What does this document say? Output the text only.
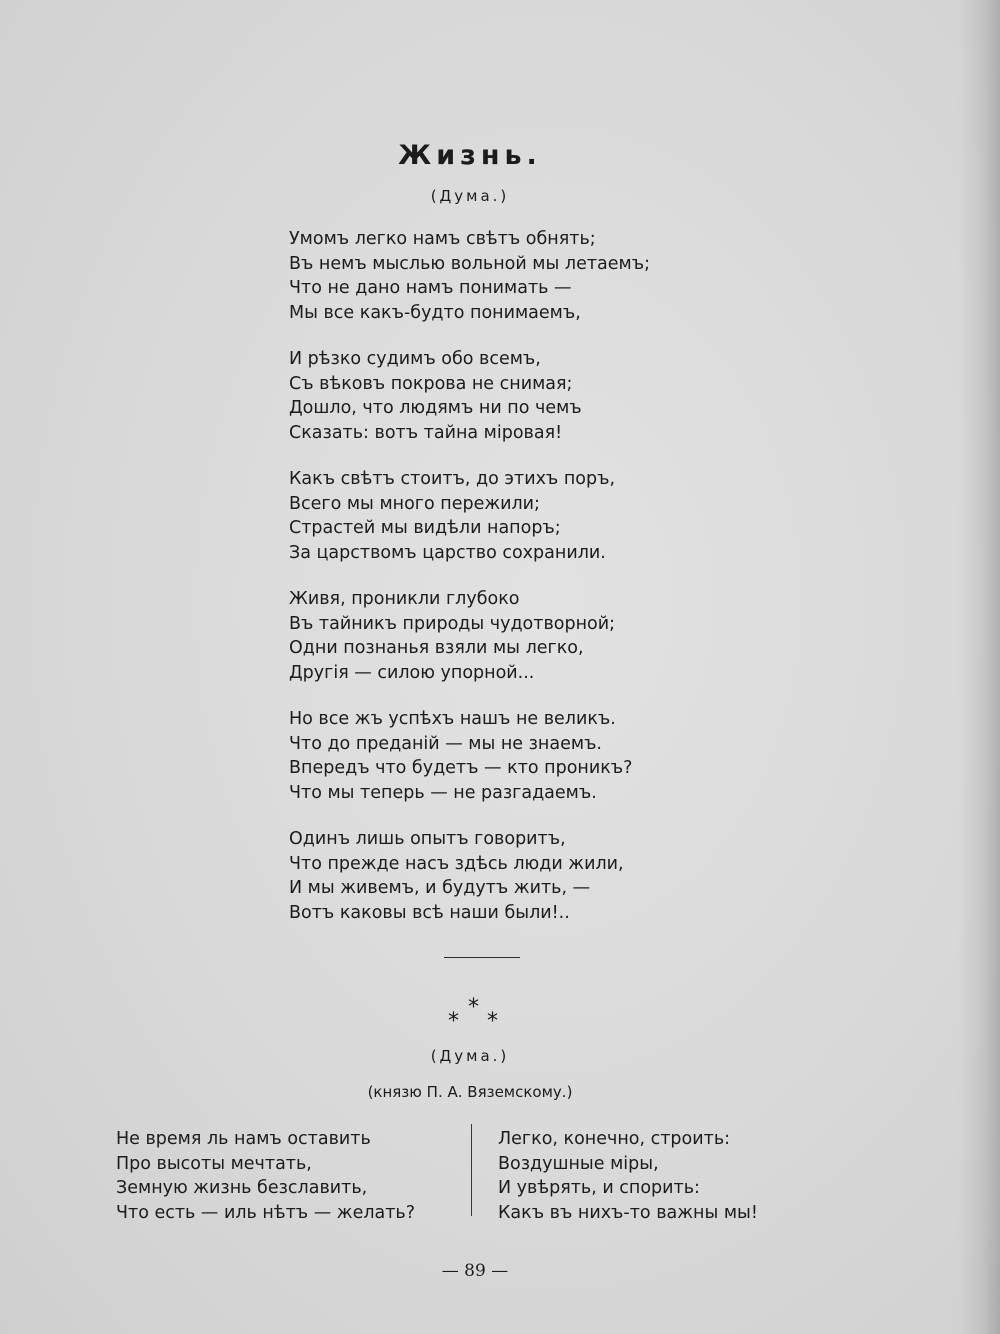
Жизнь.
(Дума.)
Умомъ легко намъ свѣтъ обнять;
Въ немъ мыслью вольной мы летаемъ;
Что не дано намъ понимать —
Мы все какъ-будто понимаемъ,
И рѣзко судимъ обо всемъ,
Съ вѣковъ покрова не снимая;
Дошло, что людямъ ни по чемъ
Сказать: вотъ тайна міровая!
Какъ свѣтъ стоитъ, до этихъ поръ,
Всего мы много пережили;
Страстей мы видѣли напоръ;
За царствомъ царство сохранили.
Живя, проникли глубоко
Въ тайникъ природы чудотворной;
Одни познанья взяли мы легко,
Другія — силою упорной...
Но все жъ успѣхъ нашъ не великъ.
Что до преданій — мы не знаемъ.
Впередъ что будетъ — кто проникъ?
Что мы теперь — не разгадаемъ.
Одинъ лишь опытъ говоритъ,
Что прежде насъ здѣсь люди жили,
И мы живемъ, и будутъ жить, —
Вотъ каковы всѣ наши были!..
*
*
*
(Дума.)
(князю П. А. Вяземскому.)
Не время ль намъ оставить
Про высоты мечтать,
Земную жизнь безславить,
Что есть — иль нѣтъ — желать?
Легко, конечно, строить:
Воздушные міры,
И увѣрять, и спорить:
Какъ въ нихъ-то важны мы!
— 89 —
